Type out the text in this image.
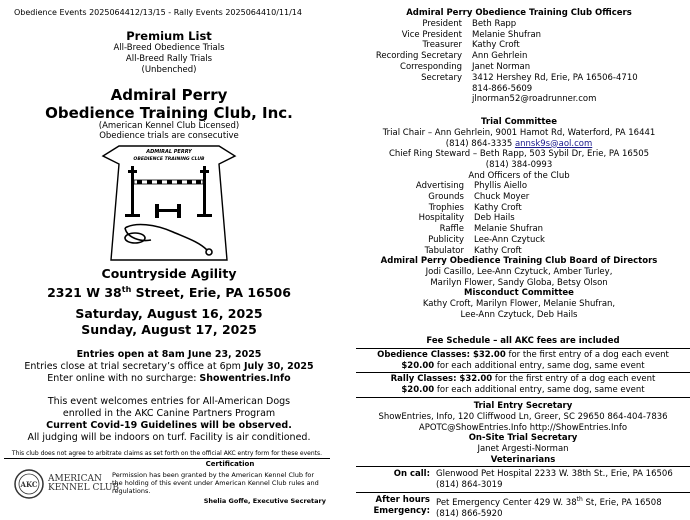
Obedience Events 2025064412/13/15 - Rally Events 2025064410/11/14
Premium List
All-Breed Obedience Trials
All-Breed Rally Trials
(Unbenched)
Admiral Perry
Obedience Training Club, Inc.
(American Kennel Club Licensed)
Obedience trials are consecutive
ADMIRAL PERRY
OBEDIENCE TRAINING CLUB
Countryside Agility
2321 W 38th Street, Erie, PA 16506
Saturday, August 16, 2025
Sunday, August 17, 2025
Entries open at 8am June 23, 2025
Entries close at trial secretary’s office at 6pm July 30, 2025
Enter online with no surcharge: Showentries.Info
This event welcomes entries for All-American Dogs
enrolled in the AKC Canine Partners Program
Current Covid-19 Guidelines will be observed.
All judging will be indoors on turf. Facility is air conditioned.
This club does not agree to arbitrate claims as set forth on the official AKC entry form for these events.
Certification
AKC
AMERICAN
KENNEL CLUB
Permission has been granted by the American Kennel Club for the holding of this event under American Kennel Club rules and regulations.
Shelia Goffe, Executive Secretary
Admiral Perry Obedience Training Club Officers
President	Beth Rapp
Vice President	Melanie Shufran
Treasurer	Kathy Croft
Recording Secretary	Ann Gehrlein
Corresponding	Janet Norman
Secretary	3412 Hershey Rd, Erie, PA 16506-4710
814-866-5609
jlnorman52@roadrunner.com
Trial Committee
Trial Chair – Ann Gehrlein, 9001 Hamot Rd, Waterford, PA 16441
(814) 864-3335 annsk9s@aol.com
Chief Ring Steward – Beth Rapp, 503 Sybil Dr, Erie, PA 16505
(814) 384-0993
And Officers of the Club
Advertising	Phyllis Aiello
Grounds	Chuck Moyer
Trophies	Kathy Croft
Hospitality	Deb Hails
Raffle	Melanie Shufran
Publicity	Lee-Ann Czytuck
Tabulator	Kathy Croft
Admiral Perry Obedience Training Club Board of Directors
Jodi Casillo, Lee-Ann Czytuck, Amber Turley,
Marilyn Flower, Sandy Globa, Betsy Olson
Misconduct Committee
Kathy Croft, Marilyn Flower, Melanie Shufran,
Lee-Ann Czytuck, Deb Hails
Fee Schedule – all AKC fees are included
Obedience Classes: $32.00 for the first entry of a dog each event
$20.00 for each additional entry, same dog, same event
Rally Classes: $32.00 for the first entry of a dog each event
$20.00 for each additional entry, same dog, same event
Trial Entry Secretary
ShowEntries, Info, 120 Cliffwood Ln, Greer, SC 29650 864-404-7836
APOTC@ShowEntries.Info http://ShowEntries.Info
On-Site Trial Secretary
Janet Argesti-Norman
Veterinarians
On call: Glenwood Pet Hospital 2233 W. 38th St., Erie, PA 16506
(814) 864-3019
After hours
Emergency:
Pet Emergency Center 429 W. 38th St, Erie, PA 16508
(814) 866-5920
